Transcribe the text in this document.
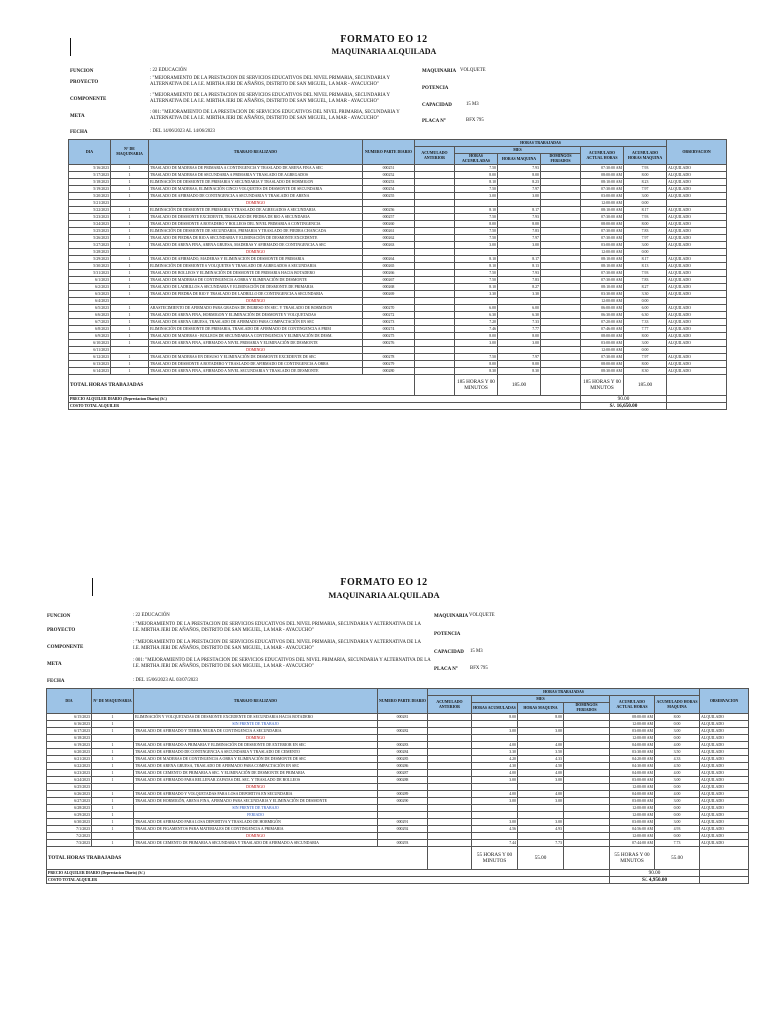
FORMATO EO 12
MAQUINARIA ALQUILADA
FUNCION	: 22 EDUCACIÓN
PROYECTO
: "MEJORAMIENTO DE LA PRESTACION DE SERVICIOS EDUCATIVOS DEL NIVEL PRIMARIA, SECUNDARIA Y ALTERNATIVA DE LA I.E. MIRTHA JERI DE AÑAÑOS, DISTRITO DE SAN MIGUEL, LA MAR - AYACUCHO"
COMPONENTE
: "MEJORAMIENTO DE LA PRESTACION DE SERVICIOS EDUCATIVOS DEL NIVEL PRIMARIA, SECUNDARIA Y ALTERNATIVA DE LA I.E. MIRTHA JERI DE AÑAÑOS, DISTRITO DE SAN MIGUEL, LA MAR - AYACUCHO"
META
: 001: "MEJORAMIENTO DE LA PRESTACION DE SERVICIOS EDUCATIVOS DEL NIVEL PRIMARIA, SECUNDARIA Y ALTERNATIVA DE LA I.E. MIRTHA JERI DE AÑAÑOS, DISTRITO DE SAN MIGUEL, LA MAR - AYACUCHO"
FECHA	: DEL 14/06/2023 AL 14/06/2023
MAQUINARIA VOLQUETE
POTENCIA
CAPACIDAD	15 M3
PLACA N°	BFX 795
DIA	N° DE MAQUINARIA	TRABAJO REALIZADO	NUMERO PARTE DIARIO	HORAS TRABAJADAS						OBSERVACION
				ACUMULADO ANTERIOR	MES			ACUMULADO ACTUAL HORAS	ACUMULADO HORAS MAQUINA	
					HORAS ACUMULADAS	HORAS MAQUINA	DOMINGOS FERIADOS			
5/16/2023	1	TRASLADO DE MADERAS DE PRIMARIA A CONTINGENCIA Y TRASLADO DE ARENA FINA A SEC	000251		7.50	7.93		07:30:00 AM	7.93	ALQUILADO
5/17/2023	1	TRASLADO DE MADERAS DE SECUNDARIA A PRIMARIA Y TRASLADO DE AGREGADOS	000252		8.00	8.00		08:00:00 AM	8.00	ALQUILADO
5/18/2023	1	ELIMINACIÓN DE DESMONTE DE PRIMARIA Y SECUNDARIA Y TRASLADO DE HORMIGON	000253		8.10	8.23		08:10:00 AM	8.23	ALQUILADO
5/19/2023	1	TRASLADO DE MADERAS, ELIMINACIÓN CINCO VOLQUETES DE DESMONTE DE SECUNDARIA	000254		7.50	7.97		07:30:00 AM	7.97	ALQUILADO
5/20/2023	1	TRASLADO DE AFIRMADO DE CONTINGENCIA A SECUNDARIA Y TRASLADO DE ARENA	000255		3.00	3.00		03:00:00 AM	3.00	ALQUILADO
5/21/2023		DOMINGO						12:00:00 AM	0.00	
5/22/2023	1	ELIMINACIÓN DE DESMONTE DE PRIMARIA Y TRASLADO DE AGREGADOS A SECUNDARIA	000256		8.10	8.17		08:10:00 AM	8.17	ALQUILADO
5/23/2023	1	TRASLADO DE DESMONTE EXCEDENTE, TRASLADO DE PIEDRA DE RIO A SECUNDARIA	000257		7.50	7.93		07:30:00 AM	7.93	ALQUILADO
5/24/2023	1	TRASLADO DE DESMONTE A BOTADERO Y BOLLEOS DEL NIVEL PRIMARIA A CONTINGENCIA	000260		8.00	8.00		08:00:00 AM	8.00	ALQUILADO
5/25/2023	1	ELIMINACIÓN DE DESMONTE DE SECUNDARIA, PRIMARIA Y TRASLADO DE PIEDRA CHANCADA	000261		7.50	7.83		07:30:00 AM	7.83	ALQUILADO
5/26/2023	1	TRASLADO DE PIEDRA DE RIO A SECUNDARIA Y ELIMINACIÓN DE DESMONTE EXCEDENTE	000262		7.50	7.97		07:30:00 AM	7.97	ALQUILADO
5/27/2023	1	TRASLADO DE ARENA FINA, ARENA GRUESA, MADERAS Y AFIRMADO DE CONTINGENCIA A SEC	000263		3.00	3.00		03:00:00 AM	3.00	ALQUILADO
5/28/2023		DOMINGO						12:00:00 AM	0.00	
5/29/2023	1	TRASLADO DE AFIRMADO, MADERAS Y ELIMINACION DE DESMONTE DE PRIMARIA	000264		8.10	8.17		08:10:00 AM	8.17	ALQUILADO
5/30/2023	1	ELIMINACIÓN DE DESMONTE 6 VOLQUETES Y TRASLADO DE AGREGADOS A SECUNDARIA	000265		8.10	8.13		08:10:00 AM	8.13	ALQUILADO
5/31/2023	1	TRASLADO DE BOLLEOS Y ELIMINACIÓN DE DESMONTE DE PRIMARIA HACIA BOTADERO	000266		7.50	7.93		07:30:00 AM	7.93	ALQUILADO
6/1/2023	1	TRASLADO DE MADERAS DE CONTINGENCIA A OBRA Y ELIMINACIÓN DE DESMONTE	000267		7.50	7.83		07:30:00 AM	7.83	ALQUILADO
6/2/2023	1	TRASLADO DE LADRILLOS A SECUNDARIA Y ELIMINACIÓN DE DESMONTE DE PRIMARIA	000268		8.10	8.27		08:10:00 AM	8.27	ALQUILADO
6/3/2023	1	TRASLADO DE PIEDRA DE RIO Y TRASLADO DE LADRILLO DE CONTINGENCIA A SECUNDARIA	000269		3.30	3.30		03:30:00 AM	3.30	ALQUILADO
6/4/2023		DOMINGO						12:00:00 AM	0.00	
6/5/2023	1	ABASTECIMIENTO DE AFIRMADO PARA GRADAS DE INGRESO EN SEC. Y TRASLADO DE BORMIXON	000270		6.00	6.00		06:00:00 AM	6.00	ALQUILADO
6/6/2023	1	TRASLADO DE ARENA FINA, HORMIGON Y ELIMINACIÓN DE DESMONTE Y VOLQUETADAS	000272		6.30	6.30		06:30:00 AM	6.30	ALQUILADO
6/7/2023	1	TRASLADO DE ARENA GRUESA, TRASLADO DE AFIRMADO PARA COMPACTACIÓN EN SEC	000273		7.20	7.33		07:20:00 AM	7.33	ALQUILADO
6/8/2023	1	ELIMINACIÓN DE DESMONTE DE PRIMARIA, TRASLADO DE AFIRMADO DE CONTINGENCIA A PRIM	000274		7.46	7.77		07:46:00 AM	7.77	ALQUILADO
6/9/2023	1	TRASLADO DE MADERAS - BOLLEOS DE SECUNDARIA A CONTINGENCIA Y ELIMINACIÓN DE DESM.	000275		8.00	8.00		08:00:00 AM	8.00	ALQUILADO
6/10/2023	1	TRASLADO DE ARENA FINA, AFIRMADO A NIVEL PRIMARIA Y ELIMINACIÓN DE DESMONTE	000276		3.00	3.00		03:00:00 AM	3.00	ALQUILADO
6/11/2023		DOMINGO						12:00:00 AM	0.00	
6/12/2023	1	TRASLADO DE MADERAS EN DESUSO Y ELIMINACIÓN DE DESMONTE EXCEDENTE DE SEC	000278		7.50	7.97		07:30:00 AM	7.97	ALQUILADO
6/13/2023	1	TRASLADO DE DESMONTE A BOTADERO Y TRASLADO DE AFIRMADO DE CONTINGENCIA A OBRA	000279		8.00	8.00		08:00:00 AM	8.00	ALQUILADO
6/14/2023	1	TRASLADO DE ARENA FINA, AFIRMADO A NIVEL SECUNDARIA Y TRASLADO DE DESMONTE	000280		8.30	8.30		08:30:00 AM	8.30	ALQUILADO
TOTAL HORAS TRABAJADAS					185 HORAS Y 00 MINUTOS	185.00		185 HORAS Y 00 MINUTOS	185.00	
PRECIO ALQUILER DIARIO (Depreciacion Diario) (S/.)								90.00		
COSTO TOTAL ALQUILER								S/. 16,650.00		
FORMATO EO 12
MAQUINARIA ALQUILADA
FUNCION	: 22 EDUCACIÓN
PROYECTO
: "MEJORAMIENTO DE LA PRESTACION DE SERVICIOS EDUCATIVOS DEL NIVEL PRIMARIA, SECUNDARIA Y ALTERNATIVA DE LA I.E. MIRTHA JERI DE AÑAÑOS, DISTRITO DE SAN MIGUEL, LA MAR - AYACUCHO"
COMPONENTE
: "MEJORAMIENTO DE LA PRESTACION DE SERVICIOS EDUCATIVOS DEL NIVEL PRIMARIA, SECUNDARIA Y ALTERNATIVA DE LA I.E. MIRTHA JERI DE AÑAÑOS, DISTRITO DE SAN MIGUEL, LA MAR - AYACUCHO"
META
: 001: "MEJORAMIENTO DE LA PRESTACION DE SERVICIOS EDUCATIVOS DEL NIVEL PRIMARIA, SECUNDARIA Y ALTERNATIVA DE LA I.E. MIRTHA JERI DE AÑAÑOS, DISTRITO DE SAN MIGUEL, LA MAR - AYACUCHO"
FECHA	: DEL 15/06/2023 AL 03/07/2023
MAQUINARIA VOLQUETE
POTENCIA
CAPACIDAD 15 M3
PLACA N°	BFX 795
DIA	N° DE MAQUINARIA	TRABAJO REALIZADO	NUMERO PARTE DIARIO	HORAS TRABAJADAS						OBSERVACION
				ACUMULADO ANTERIOR	MES			ACUMULADO ACTUAL HORAS	ACUMULADO HORAS MAQUINA	
					HORAS ACUMULADAS	HORAS MAQUINA	DOMINGOS FERIADOS			
6/15/2023	1	ELIMINACIÓN Y VOLQUETADAS DE DESMONTE EXCEDENTE DE SECUNDARIA HACIA BOTADERO	000281		8.00	8.00		08:00:00 AM	8.00	ALQUILADO
6/16/2023	1	SIN FRENTE DE TRABAJO						12:00:00 AM	0.00	ALQUILADO
6/17/2023	1	TRASLADO DE AFIRMADO Y TIERRA NEGRA DE CONTINGENCIA A SECUNDARIA	000282		3.00	3.00		03:00:00 AM	3.00	ALQUILADO
6/18/2023		DOMINGO						12:00:00 AM	0.00	ALQUILADO
6/19/2023	1	TRASLADO DE AFIRMADO A PRIMARIA Y ELIMINACIÓN DE DESMONTE DE EXTERIOR EN SEC	000283		4.00	4.00		04:00:00 AM	4.00	ALQUILADO
6/20/2023	1	TRASLADO DE AFIRMADO DE CONTINGENCIA A SECUNDARIA Y TRASLADO DE CEMENTO	000284		3.30	3.50		03:30:00 AM	3.50	ALQUILADO
6/21/2023	1	TRASLADO DE MADERAS DE CONTINGENCIA A OBRA Y ELIMINACIÓN DE DESMONTE DE SEC	000285		4.20	4.33		04:20:00 AM	4.33	ALQUILADO
6/22/2023	1	TRASLADO DE ARENA GRUESA, TRASLADO DE AFIRMADO PARA COMPACTACIÓN EN SEC	000286		4.30	4.50		04:30:00 AM	4.50	ALQUILADO
6/23/2023	1	TRASLADO DE CEMENTO DE PRIMARIA A SEC. Y ELIMINACIÓN DE DESMONTE DE PRIMARIA	000287		4.00	4.00		04:00:00 AM	4.00	ALQUILADO
6/24/2023	1	TRASLADO DE AFIRMADO PARA RELLENAR ZAPATAS DEL SEC. Y TRASLADO DE BOLLEOS	000288		3.00	3.00		03:00:00 AM	3.00	ALQUILADO
6/25/2023		DOMINGO						12:00:00 AM	0.00	ALQUILADO
6/26/2023	1	TRASLADO DE AFIRMADO Y VOLQUETADAS PARA LOSA DEPORTIVA EN SECUNDARIA	000289		4.00	4.00		04:00:00 AM	4.00	ALQUILADO
6/27/2023	1	TRASLADO DE HORMIGÓN, ARENA FINA, AFIRMADO PARA SECUNDARIA Y ELIMINACIÓN DE DESMONTE	000290		3.00	3.00		03:00:00 AM	3.00	ALQUILADO
6/28/2023	1	SIN FRENTE DE TRABAJO						12:00:00 AM	0.00	ALQUILADO
6/29/2023	1	FERIADO						12:00:00 AM	0.00	ALQUILADO
6/30/2023	1	TRASLADO DE AFIRMADO PARA LOSA DEPORTIVA Y TRASLADO DE HORMIGÓN	000291		3.00	3.00		03:00:00 AM	3.00	ALQUILADO
7/1/2023	1	TRASLADO DE FIGAMENTOS PARA MATERIALES DE CONTINGENCIA A PRIMARIA	000292		4.56	4.93		04:56:00 AM	4.93	ALQUILADO
7/2/2023		DOMINGO						12:00:00 AM	0.00	ALQUILADO
7/3/2023	1	TRASLADO DE CEMENTO DE PRIMARIA A SECUNDARIA Y TRASLADO DE AFIRMADO A SECUNDARIA	000293		7.44	7.73		07:44:00 AM	7.73	ALQUILADO
TOTAL HORAS TRABAJADAS					55 HORAS Y 00 MINUTOS	55.00		55 HORAS Y 00 MINUTOS	55.00	
PRECIO ALQUILER DIARIO (Depreciacion Diario) (S/.)								90.00		
COSTO TOTAL ALQUILER								S/. 4,950.00		
